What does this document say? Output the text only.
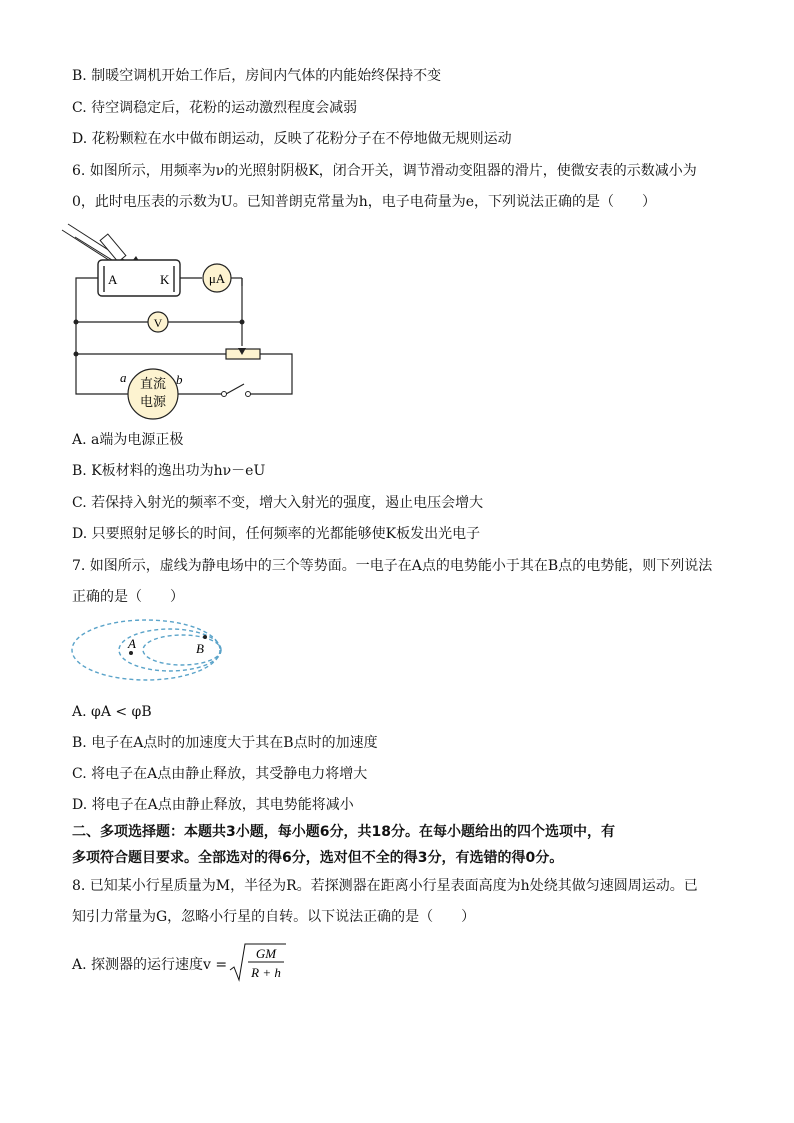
B. 制暖空调机开始工作后，房间内气体的内能始终保持不变
C. 待空调稳定后，花粉的运动激烈程度会减弱
D. 花粉颗粒在水中做布朗运动，反映了花粉分子在不停地做无规则运动
6. 如图所示，用频率为ν的光照射阴极K，闭合开关，调节滑动变阻器的滑片，使微安表的示数减小为
0，此时电压表的示数为U。已知普朗克常量为h，电子电荷量为e，下列说法正确的是（　　）
A	K	μA
V
直流
电源
a	b
A. a端为电源正极
B. K板材料的逸出功为hν－eU
C. 若保持入射光的频率不变，增大入射光的强度，遏止电压会增大
D. 只要照射足够长的时间，任何频率的光都能够使K板发出光电子
7. 如图所示，虚线为静电场中的三个等势面。一电子在A点的电势能小于其在B点的电势能，则下列说法
正确的是（　　）
A	B
A. φA < φB
B. 电子在A点时的加速度大于其在B点时的加速度
C. 将电子在A点由静止释放，其受静电力将增大
D. 将电子在A点由静止释放，其电势能将减小
二、多项选择题：本题共3小题，每小题6分，共18分。在每小题给出的四个选项中，有
多项符合题目要求。全部选对的得6分，选对但不全的得3分，有选错的得0分。
8. 已知某小行星质量为M，半径为R。若探测器在距离小行星表面高度为h处绕其做匀速圆周运动。已
知引力常量为G，忽略小行星的自转。以下说法正确的是（　　）
A. 探测器的运行速度v =
GM
R + h
